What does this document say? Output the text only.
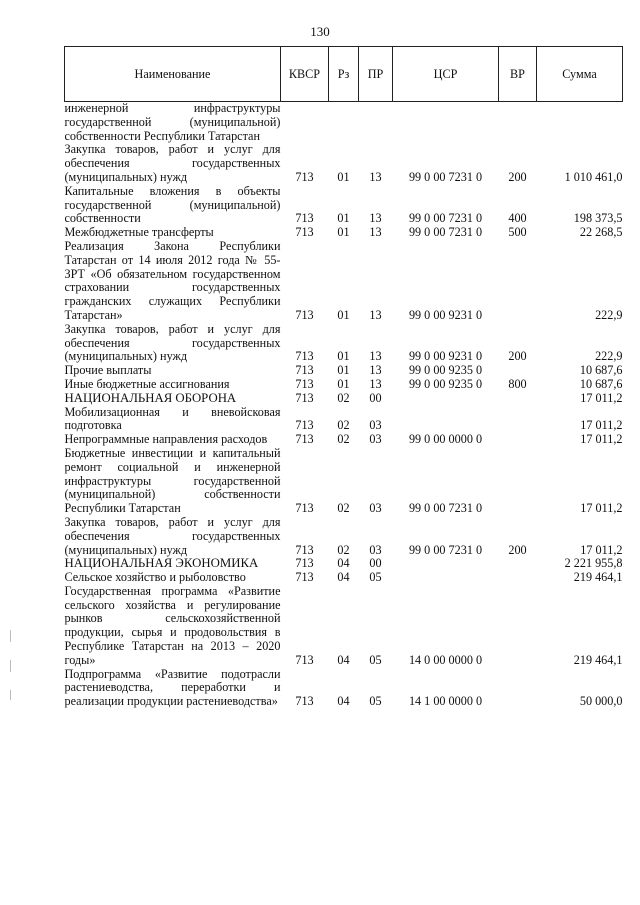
130
Наименование	КВСР	Рз	ПР	ЦСР	ВР	Сумма
инженерной инфраструктуры государственной (муниципальной) собственности Республики Татарстан						
Закупка товаров, работ и услуг для обеспечения государственных (муниципальных) нужд	713	01	13	99 0 00 7231 0	200	1 010 461,0
Капитальные вложения в объекты государственной (муниципальной) собственности	713	01	13	99 0 00 7231 0	400	198 373,5
Межбюджетные трансферты	713	01	13	99 0 00 7231 0	500	22 268,5
Реализация Закона Республики Татарстан от 14 июля 2012 года № 55-ЗРТ «Об обязательном государственном страховании государственных гражданских служащих Республики Татарстан»	713	01	13	99 0 00 9231 0		222,9
Закупка товаров, работ и услуг для обеспечения государственных (муниципальных) нужд	713	01	13	99 0 00 9231 0	200	222,9
Прочие выплаты	713	01	13	99 0 00 9235 0		10 687,6
Иные бюджетные ассигнования	713	01	13	99 0 00 9235 0	800	10 687,6
НАЦИОНАЛЬНАЯ ОБОРОНА	713	02	00			17 011,2
Мобилизационная и вневойсковая подготовка	713	02	03			17 011,2
Непрограммные направления расходов	713	02	03	99 0 00 0000 0		17 011,2
Бюджетные инвестиции и капитальный ремонт социальной и инженерной инфраструктуры государственной (муниципальной) собственности Республики Татарстан	713	02	03	99 0 00 7231 0		17 011,2
Закупка товаров, работ и услуг для обеспечения государственных (муниципальных) нужд	713	02	03	99 0 00 7231 0	200	17 011,2
НАЦИОНАЛЬНАЯ ЭКОНОМИКА	713	04	00			2 221 955,8
Сельское хозяйство и рыболовство	713	04	05			219 464,1
Государственная программа «Развитие сельского хозяйства и регулирование рынков сельскохозяйственной продукции, сырья и продовольствия в Республике Татарстан на 2013 – 2020 годы»	713	04	05	14 0 00 0000 0		219 464,1
Подпрограмма «Развитие подотрасли растениеводства, переработки и реализации продукции растениеводства»	713	04	05	14 1 00 0000 0		50 000,0
